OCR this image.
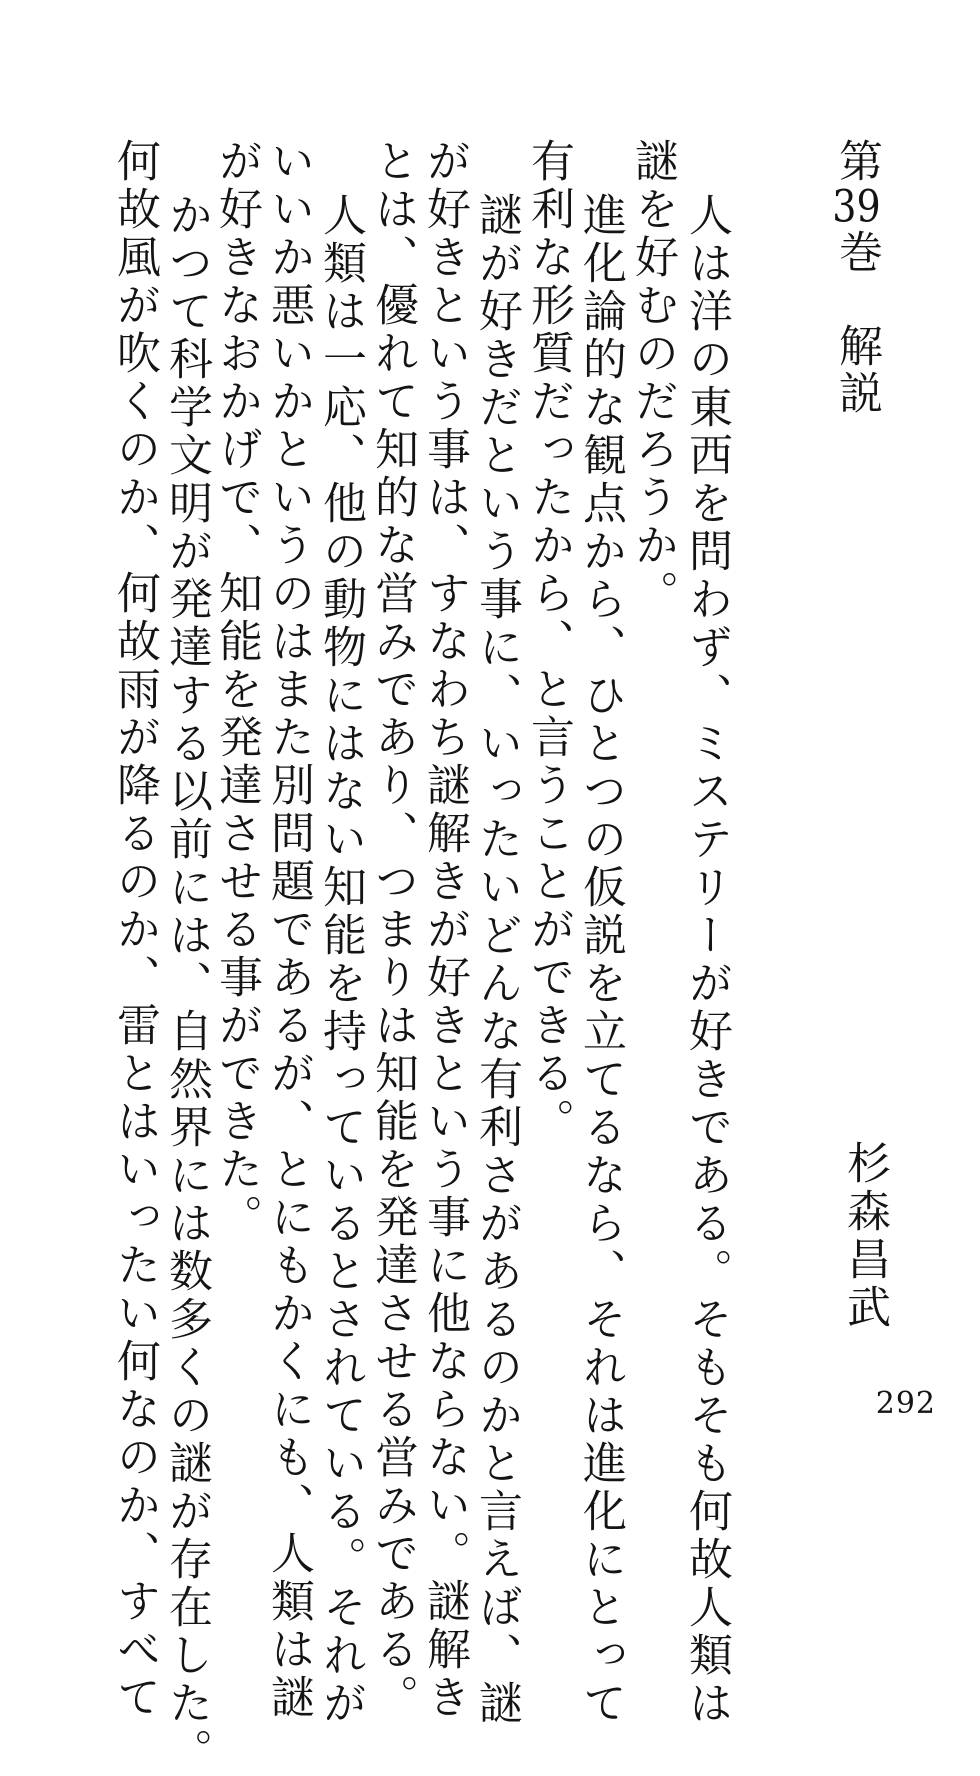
第39巻　解説
杉森昌武

人は洋の東西を問わず、ミステリーが好きである。そもそも何故人類は

謎を好むのだろうか。

進化論的な観点から、ひとつの仮説を立てるなら、それは進化にとって

有利な形質だったから、と言うことができる。

謎が好きだという事に、いったいどんな有利さがあるのかと言えば、謎

が好きという事は、すなわち謎解きが好きという事に他ならない。謎解き

とは、優れて知的な営みであり、つまりは知能を発達させる営みである。

人類は一応、他の動物にはない知能を持っているとされている。それが

いいか悪いかというのはまた別問題であるが、とにもかくにも、人類は謎

が好きなおかげで、知能を発達させる事ができた。

かつて科学文明が発達する以前には、自然界には数多くの謎が存在した。

何故風が吹くのか、何故雨が降るのか、雷とはいったい何なのか、すべて	292
